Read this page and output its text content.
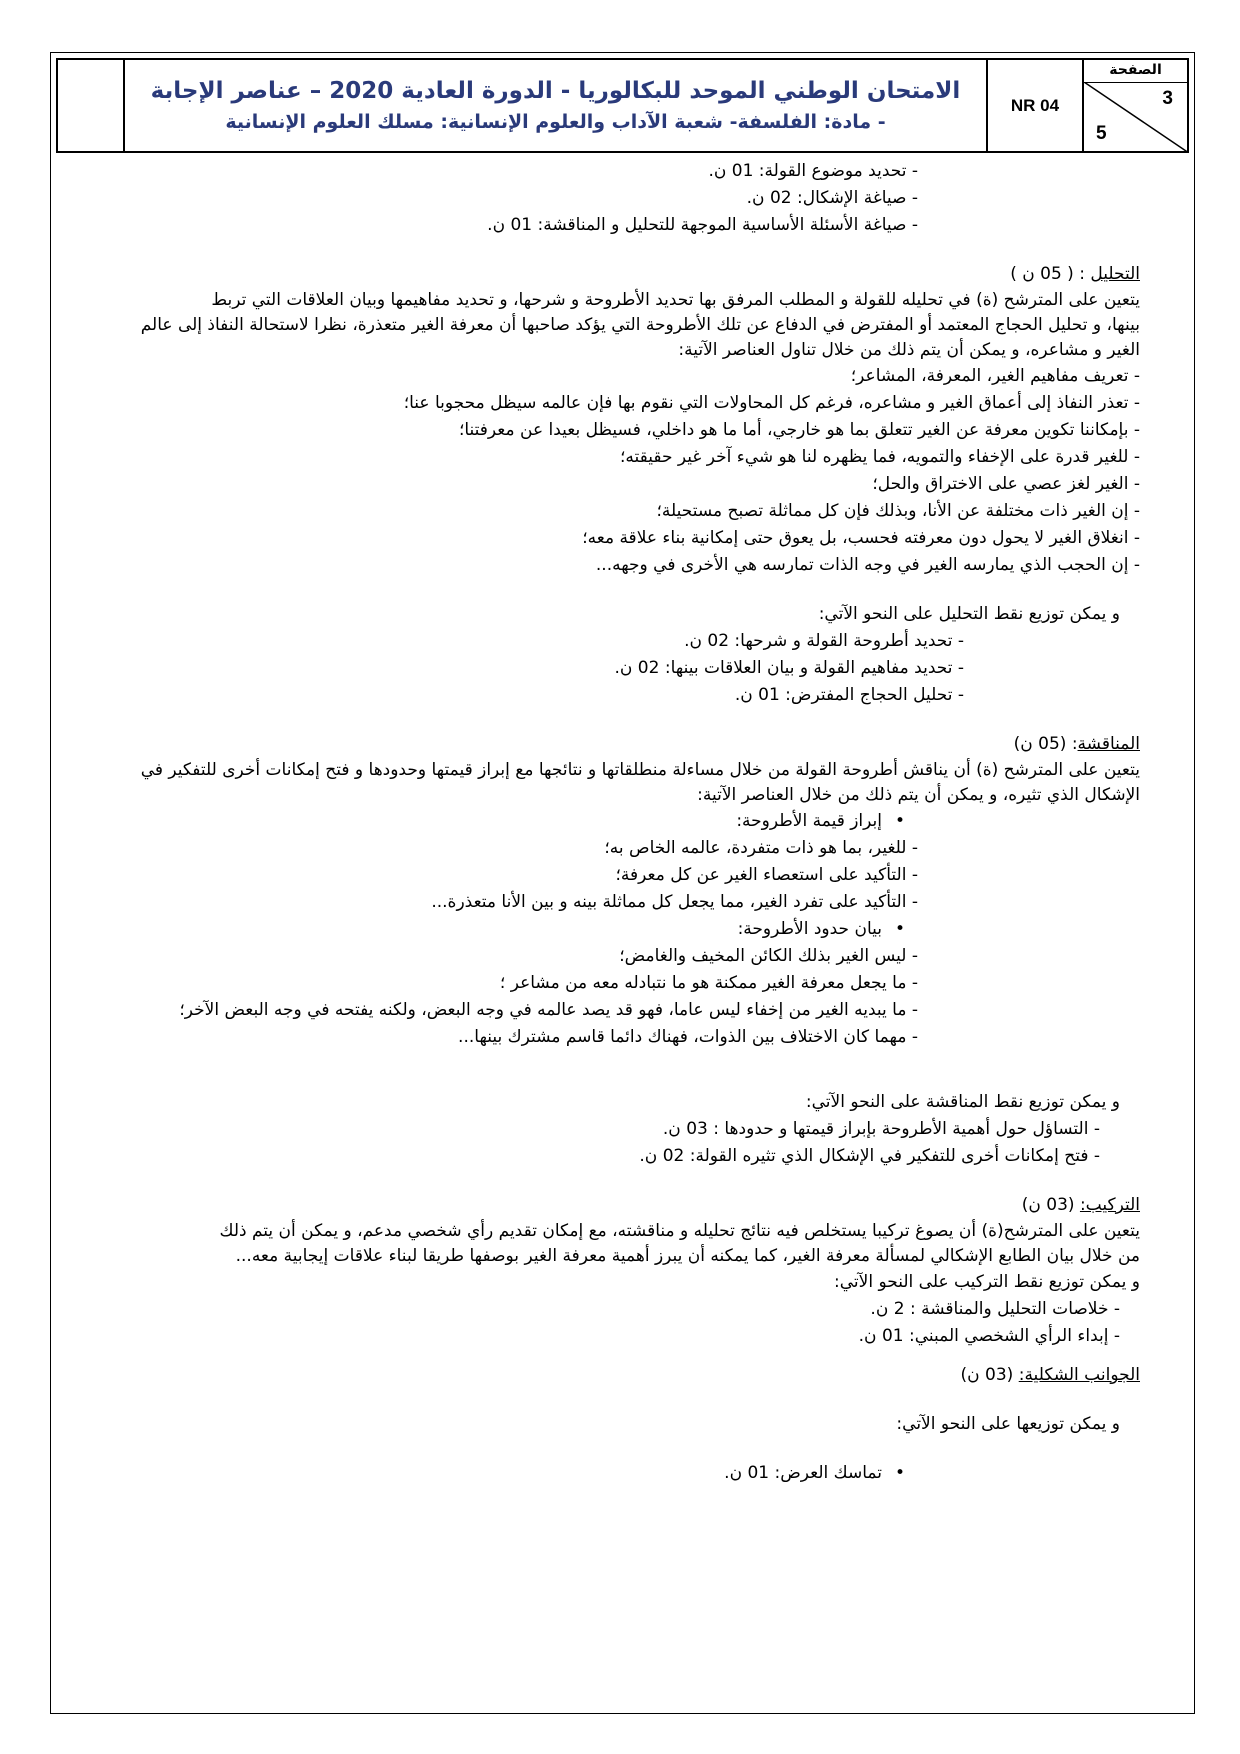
الامتحان الوطني الموحد للبكالوريا - الدورة العادية 2020 – عناصر الإجابة
- مادة: الفلسفة- شعبة الآداب والعلوم الإنسانية: مسلك العلوم الإنسانية
NR 04
الصفحة
3
5
- تحديد موضوع القولة: 01 ن.
- صياغة الإشكال: 02 ن.
- صياغة الأسئلة الأساسية الموجهة للتحليل و المناقشة: 01 ن.
التحليل : ( 05 ن )

يتعين على المترشح (ة) في تحليله للقولة و المطلب المرفق بها تحديد الأطروحة و شرحها، و تحديد مفاهيمها وبيان العلاقات التي تربط

بينها، و تحليل الحجاج المعتمد أو المفترض في الدفاع عن تلك الأطروحة التي يؤكد صاحبها أن معرفة الغير متعذرة، نظرا لاستحالة النفاذ إلى عالم

الغير و مشاعره، و يمكن أن يتم ذلك من خلال تناول العناصر الآتية:

- تعريف مفاهيم الغير، المعرفة، المشاعر؛
- تعذر النفاذ إلى أعماق الغير و مشاعره، فرغم كل المحاولات التي نقوم بها فإن عالمه سيظل محجوبا عنا؛
- بإمكاننا تكوين معرفة عن الغير تتعلق بما هو خارجي، أما ما هو داخلي، فسيظل بعيدا عن معرفتنا؛
- للغير قدرة على الإخفاء والتمويه، فما يظهره لنا هو شيء آخر غير حقيقته؛
- الغير لغز عصي على الاختراق والحل؛
- إن الغير ذات مختلفة عن الأنا، وبذلك فإن كل مماثلة تصبح مستحيلة؛
- انغلاق الغير لا يحول دون معرفته فحسب، بل يعوق حتى إمكانية بناء علاقة معه؛
- إن الحجب الذي يمارسه الغير في وجه الذات تمارسه هي الأخرى في وجهه...
و يمكن توزيع نقط التحليل على النحو الآتي:
- تحديد أطروحة القولة و شرحها: 02 ن.
- تحديد مفاهيم القولة و بيان العلاقات بينها: 02 ن.
- تحليل الحجاج المفترض: 01 ن.
المناقشة: (05 ن)

يتعين على المترشح (ة) أن يناقش أطروحة القولة من خلال مساءلة منطلقاتها و نتائجها مع إبراز قيمتها وحدودها و فتح إمكانات أخرى للتفكير في

الإشكال الذي تثيره، و يمكن أن يتم ذلك من خلال العناصر الآتية:

•إبراز قيمة الأطروحة:
- للغير، بما هو ذات متفردة، عالمه الخاص به؛
- التأكيد على استعصاء الغير عن كل معرفة؛
- التأكيد على تفرد الغير، مما يجعل كل مماثلة بينه و بين الأنا متعذرة...
•بيان حدود الأطروحة:
- ليس الغير بذلك الكائن المخيف والغامض؛
- ما يجعل معرفة الغير ممكنة هو ما نتبادله معه من مشاعر ؛
- ما يبديه الغير من إخفاء ليس عاما، فهو قد يصد عالمه في وجه البعض، ولكنه يفتحه في وجه البعض الآخر؛
- مهما كان الاختلاف بين الذوات، فهناك دائما قاسم مشترك بينها...
و يمكن توزيع نقط المناقشة على النحو الآتي:
- التساؤل حول أهمية الأطروحة بإبراز قيمتها و حدودها : 03 ن.
- فتح إمكانات أخرى للتفكير في الإشكال الذي تثيره القولة: 02 ن.
التركيب: (03 ن)

يتعين على المترشح(ة) أن يصوغ تركيبا يستخلص فيه نتائج تحليله و مناقشته، مع إمكان تقديم رأي شخصي مدعم، و يمكن أن يتم ذلك

من خلال بيان الطابع الإشكالي لمسألة معرفة الغير، كما يمكنه أن يبرز أهمية معرفة الغير بوصفها طريقا لبناء علاقات إيجابية معه...

و يمكن توزيع نقط التركيب على النحو الآتي:
- خلاصات التحليل والمناقشة : 2 ن.
- إبداء الرأي الشخصي المبني: 01 ن.
الجوانب الشكلية: (03 ن)
و يمكن توزيعها على النحو الآتي:
•تماسك العرض: 01 ن.
